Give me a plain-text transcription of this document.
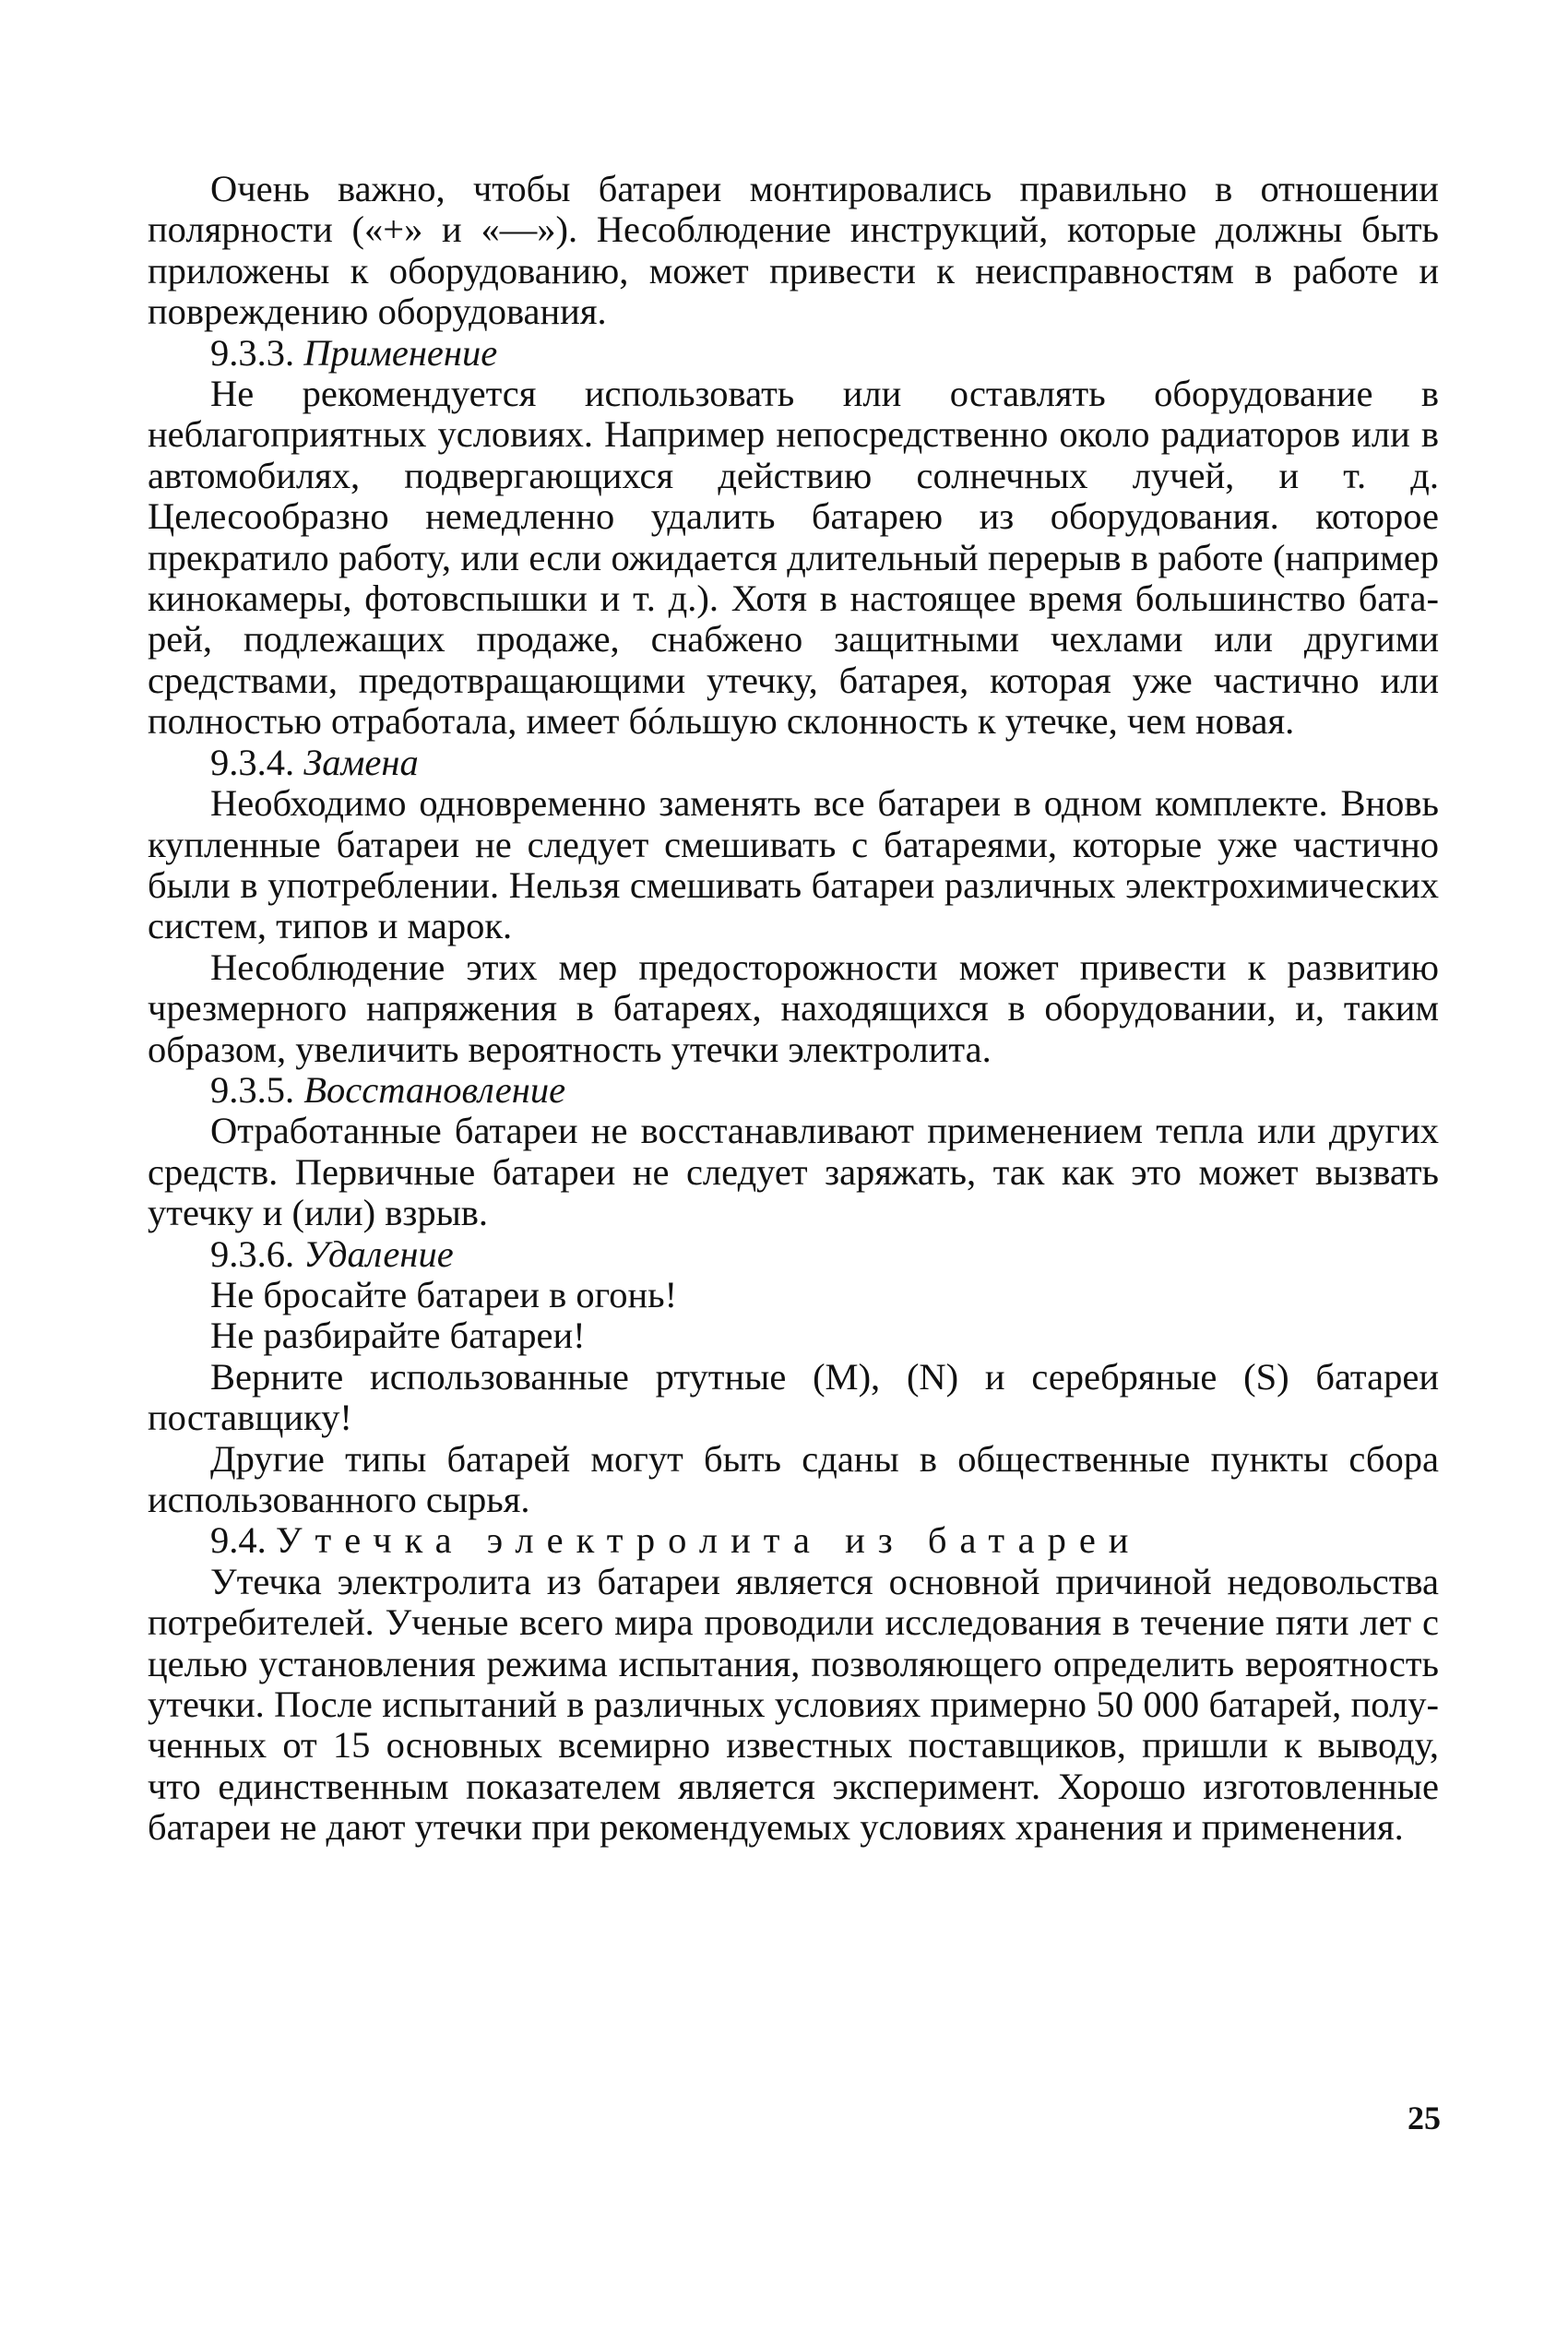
Очень важно, чтобы батареи монтировались правильно в отношении полярности («+» и «—»). Несоблюдение инструкций, которые должны быть приложены к оборудованию, может привести к неисправностям в работе и повреждению оборудования.

9.3.3. Применение

Не рекомендуется использовать или оставлять оборудование в неблагоприятных условиях. Например непосредственно около радиаторов или в автомобилях, подвергающихся действию солнечных лучей, и т. д. Целесообразно немедленно удалить батарею из оборудования. которое прекратило работу, или если ожидается длительный перерыв в работе (например кинокамеры, фотовспышки и т. д.). Хотя в настоящее время большинство батарей, подлежащих продаже, снабжено защитными чехлами или другими средствами, предотвращающими утечку, батарея, которая уже частично или полностью отработала, имеет бóльшую склонность к утечке, чем новая.

9.3.4. Замена

Необходимо одновременно заменять все батареи в одном комплекте. Вновь купленные батареи не следует смешивать с батареями, которые уже частично были в употреблении. Нельзя смешивать батареи различных электрохимических систем, типов и марок.

Несоблюдение этих мер предосторожности может привести к развитию чрезмерного напряжения в батареях, находящихся в оборудовании, и, таким образом, увеличить вероятность утечки электролита.

9.3.5. Восстановление

Отработанные батареи не восстанавливают применением тепла или других средств. Первичные батареи не следует заряжать, так как это может вызвать утечку и (или) взрыв.

9.3.6. Удаление

Не бросайте батареи в огонь!

Не разбирайте батареи!

Верните использованные ртутные (M), (N) и серебряные (S) батареи поставщику!

Другие типы батарей могут быть сданы в общественные пункты сбора использованного сырья.

9.4. Утечка электролита из батареи

Утечка электролита из батареи является основной причиной недовольства потребителей. Ученые всего мира проводили исследования в течение пяти лет с целью установления режима испытания, позволяющего определить вероятность утечки. После испытаний в различных условиях примерно 50 000 батарей, полученных от 15 основных всемирно известных поставщиков, пришли к выводу, что единственным показателем является эксперимент. Хорошо изготовленные батареи не дают утечки при рекомендуемых условиях хранения и применения.

25
